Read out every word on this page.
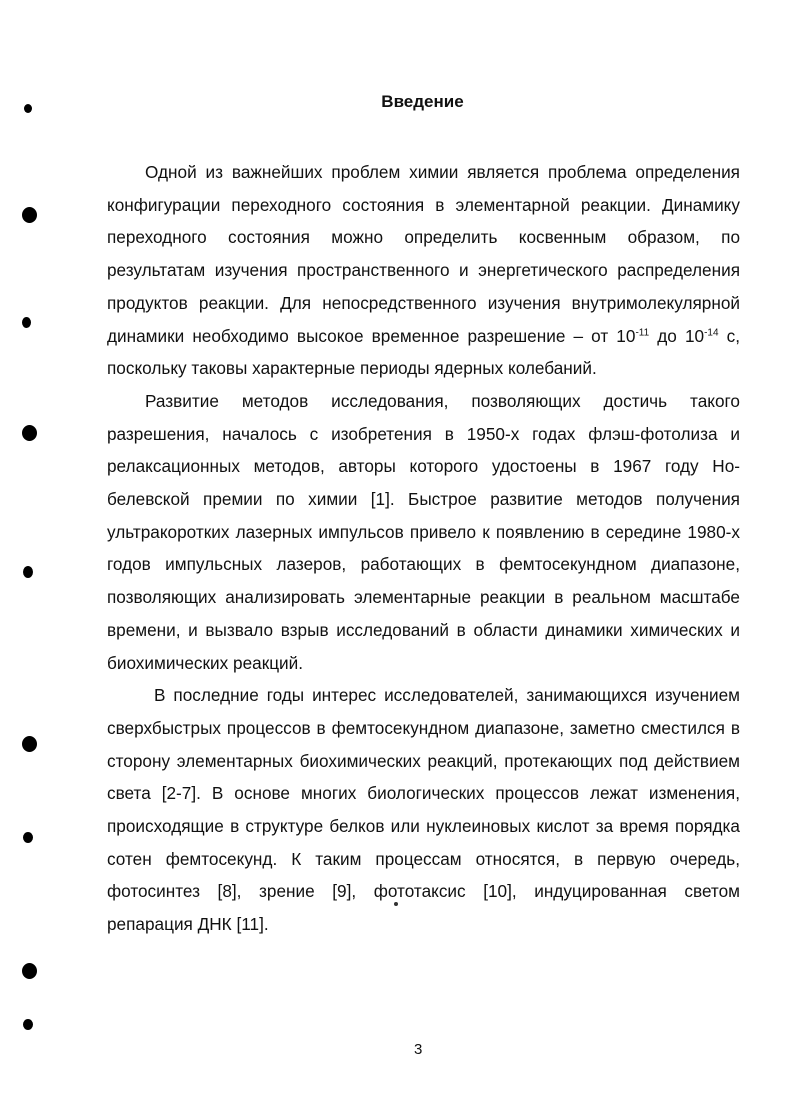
Введение

Одной из важнейших проблем химии является проблема определения конфигурации переходного состояния в элементарной реакции. Динамику переходного состояния можно определить косвенным образом, по результатам изучения пространственного и энергетического распределения продуктов реакции. Для непосредственного изучения внутримолекулярной динамики необходимо высокое временное разрешение – от $10^{-11}$ до $10^{-14}$ с, поскольку таковы характерные периоды ядерных колебаний.

Развитие методов исследования, позволяющих достичь такого разрешения, началось с изобретения в 1950-х годах флэш-фотолиза и релаксационных методов, авторы которого удостоены в 1967 году Нобелевской премии по химии [1]. Быстрое развитие методов получения ультракоротких лазерных импульсов привело к появлению в середине 1980-х годов импульсных лазеров, работающих в фемтосекундном диапазоне, позволяющих анализировать элементарные реакции в реальном масштабе времени, и вызвало взрыв исследований в области динамики химических и биохимических реакций.

В последние годы интерес исследователей, занимающихся изучением сверхбыстрых процессов в фемтосекундном диапазоне, заметно сместился в сторону элементарных биохимических реакций, протекающих под действием света [2-7]. В основе многих биологических процессов лежат изменения, происходящие в структуре белков или нуклеиновых кислот за время порядка сотен фемтосекунд. К таким процессам относятся, в первую очередь, фотосинтез [8], зрение [9], фототаксис [10], индуцированная светом репарация ДНК [11].

3
